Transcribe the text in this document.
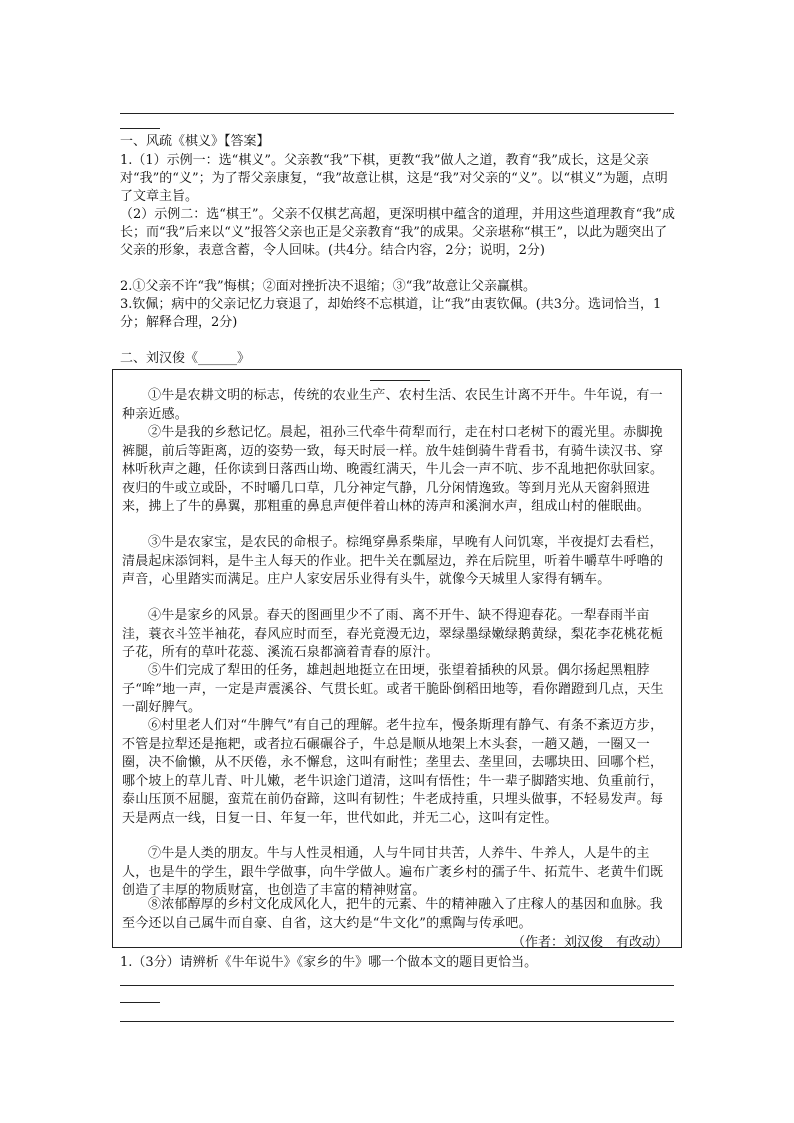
一、风疏《棋义》【答案】
1.（1）示例一：选“棋义”。父亲教“我”下棋，更教“我”做人之道，教育“我”成长，这是父亲对“我”的“义”；为了帮父亲康复，“我”故意让棋，这是“我”对父亲的“义”。以“棋义”为题，点明了文章主旨。
（2）示例二：选“棋王”。父亲不仅棋艺高超，更深明棋中蕴含的道理，并用这些道理教育“我”成长；而“我”后来以“义”报答父亲也正是父亲教育“我”的成果。父亲堪称“棋王”，以此为题突出了父亲的形象，表意含蓄，令人回味。(共4分。结合内容，2分；说明，2分)
2.①父亲不许“我”悔棋；②面对挫折决不退缩；③“我”故意让父亲赢棋。
3.钦佩；病中的父亲记忆力衰退了，却始终不忘棋道，让“我”由衷钦佩。(共3分。选词恰当，1分；解释合理，2分)
二、刘汉俊《______》
①牛是农耕文明的标志，传统的农业生产、农村生活、农民生计离不开牛。牛年说，有一种亲近感。
②牛是我的乡愁记忆。晨起，祖孙三代牵牛荷犁而行，走在村口老树下的霞光里。赤脚挽裤腿，前后等距离，迈的姿势一致，每天时辰一样。放牛娃倒骑牛背看书，有骑牛读汉书、穿林听秋声之趣，任你读到日落西山坳、晚霞红满天，牛儿会一声不吭、步不乱地把你驮回家。夜归的牛或立或卧，不时嚼几口草，几分神定气静，几分闲情逸致。等到月光从天窗斜照进来，拂上了牛的鼻翼，那粗重的鼻息声便伴着山林的涛声和溪涧水声，组成山村的催眠曲。
③牛是农家宝，是农民的命根子。棕绳穿鼻系柴扉，早晚有人问饥寒，半夜提灯去看栏，清晨起床添饲料，是牛主人每天的作业。把牛关在瓢屋边，养在后院里，听着牛嚼草牛呼噜的声音，心里踏实而满足。庄户人家安居乐业得有头牛，就像今天城里人家得有辆车。
④牛是家乡的风景。春天的图画里少不了雨、离不开牛、缺不得迎春花。一犁春雨半亩洼，蓑衣斗笠半袖花，春风应时而至，春光竟漫无边，翠绿墨绿嫩绿鹅黄绿，梨花李花桃花栀子花，所有的草叶花蕊、溪流石泉都滴着青春的原汁。
⑤牛们完成了犁田的任务，雄赳赳地挺立在田埂，张望着插秧的风景。偶尔扬起黑粗脖子“哞”地一声，一定是声震溪谷、气贯长虹。或者干脆卧倒稻田地等，看你蹭蹬到几点，天生一副好脾气。
⑥村里老人们对“牛脾气”有自己的理解。老牛拉车，慢条斯理有静气、有条不紊迈方步，不管是拉犁还是拖耙，或者拉石碾碾谷子，牛总是顺从地架上木头套，一趟又趟，一圈又一圈，决不偷懒，从不厌倦，永不懈怠，这叫有耐性；垄里去、垄里回，去哪块田、回哪个栏，哪个坡上的草儿青、叶儿嫩，老牛识途门道清，这叫有悟性；牛一辈子脚踏实地、负重前行，泰山压顶不屈腿，蛮荒在前仍奋蹄，这叫有韧性；牛老成持重，只埋头做事，不轻易发声。每天是两点一线，日复一日、年复一年，世代如此，并无二心，这叫有定性。
⑦牛是人类的朋友。牛与人性灵相通，人与牛同甘共苦，人养牛、牛养人，人是牛的主人，也是牛的学生，跟牛学做事，向牛学做人。遍布广袤乡村的孺子牛、拓荒牛、老黄牛们既创造了丰厚的物质财富，也创造了丰富的精神财富。
⑧浓郁醇厚的乡村文化成风化人，把牛的元素、牛的精神融入了庄稼人的基因和血脉。我至今还以自己属牛而自豪、自省，这大约是“牛文化”的熏陶与传承吧。
（作者：刘汉俊　有改动）
1.（3分）请辨析《牛年说牛》《家乡的牛》哪一个做本文的题目更恰当。
